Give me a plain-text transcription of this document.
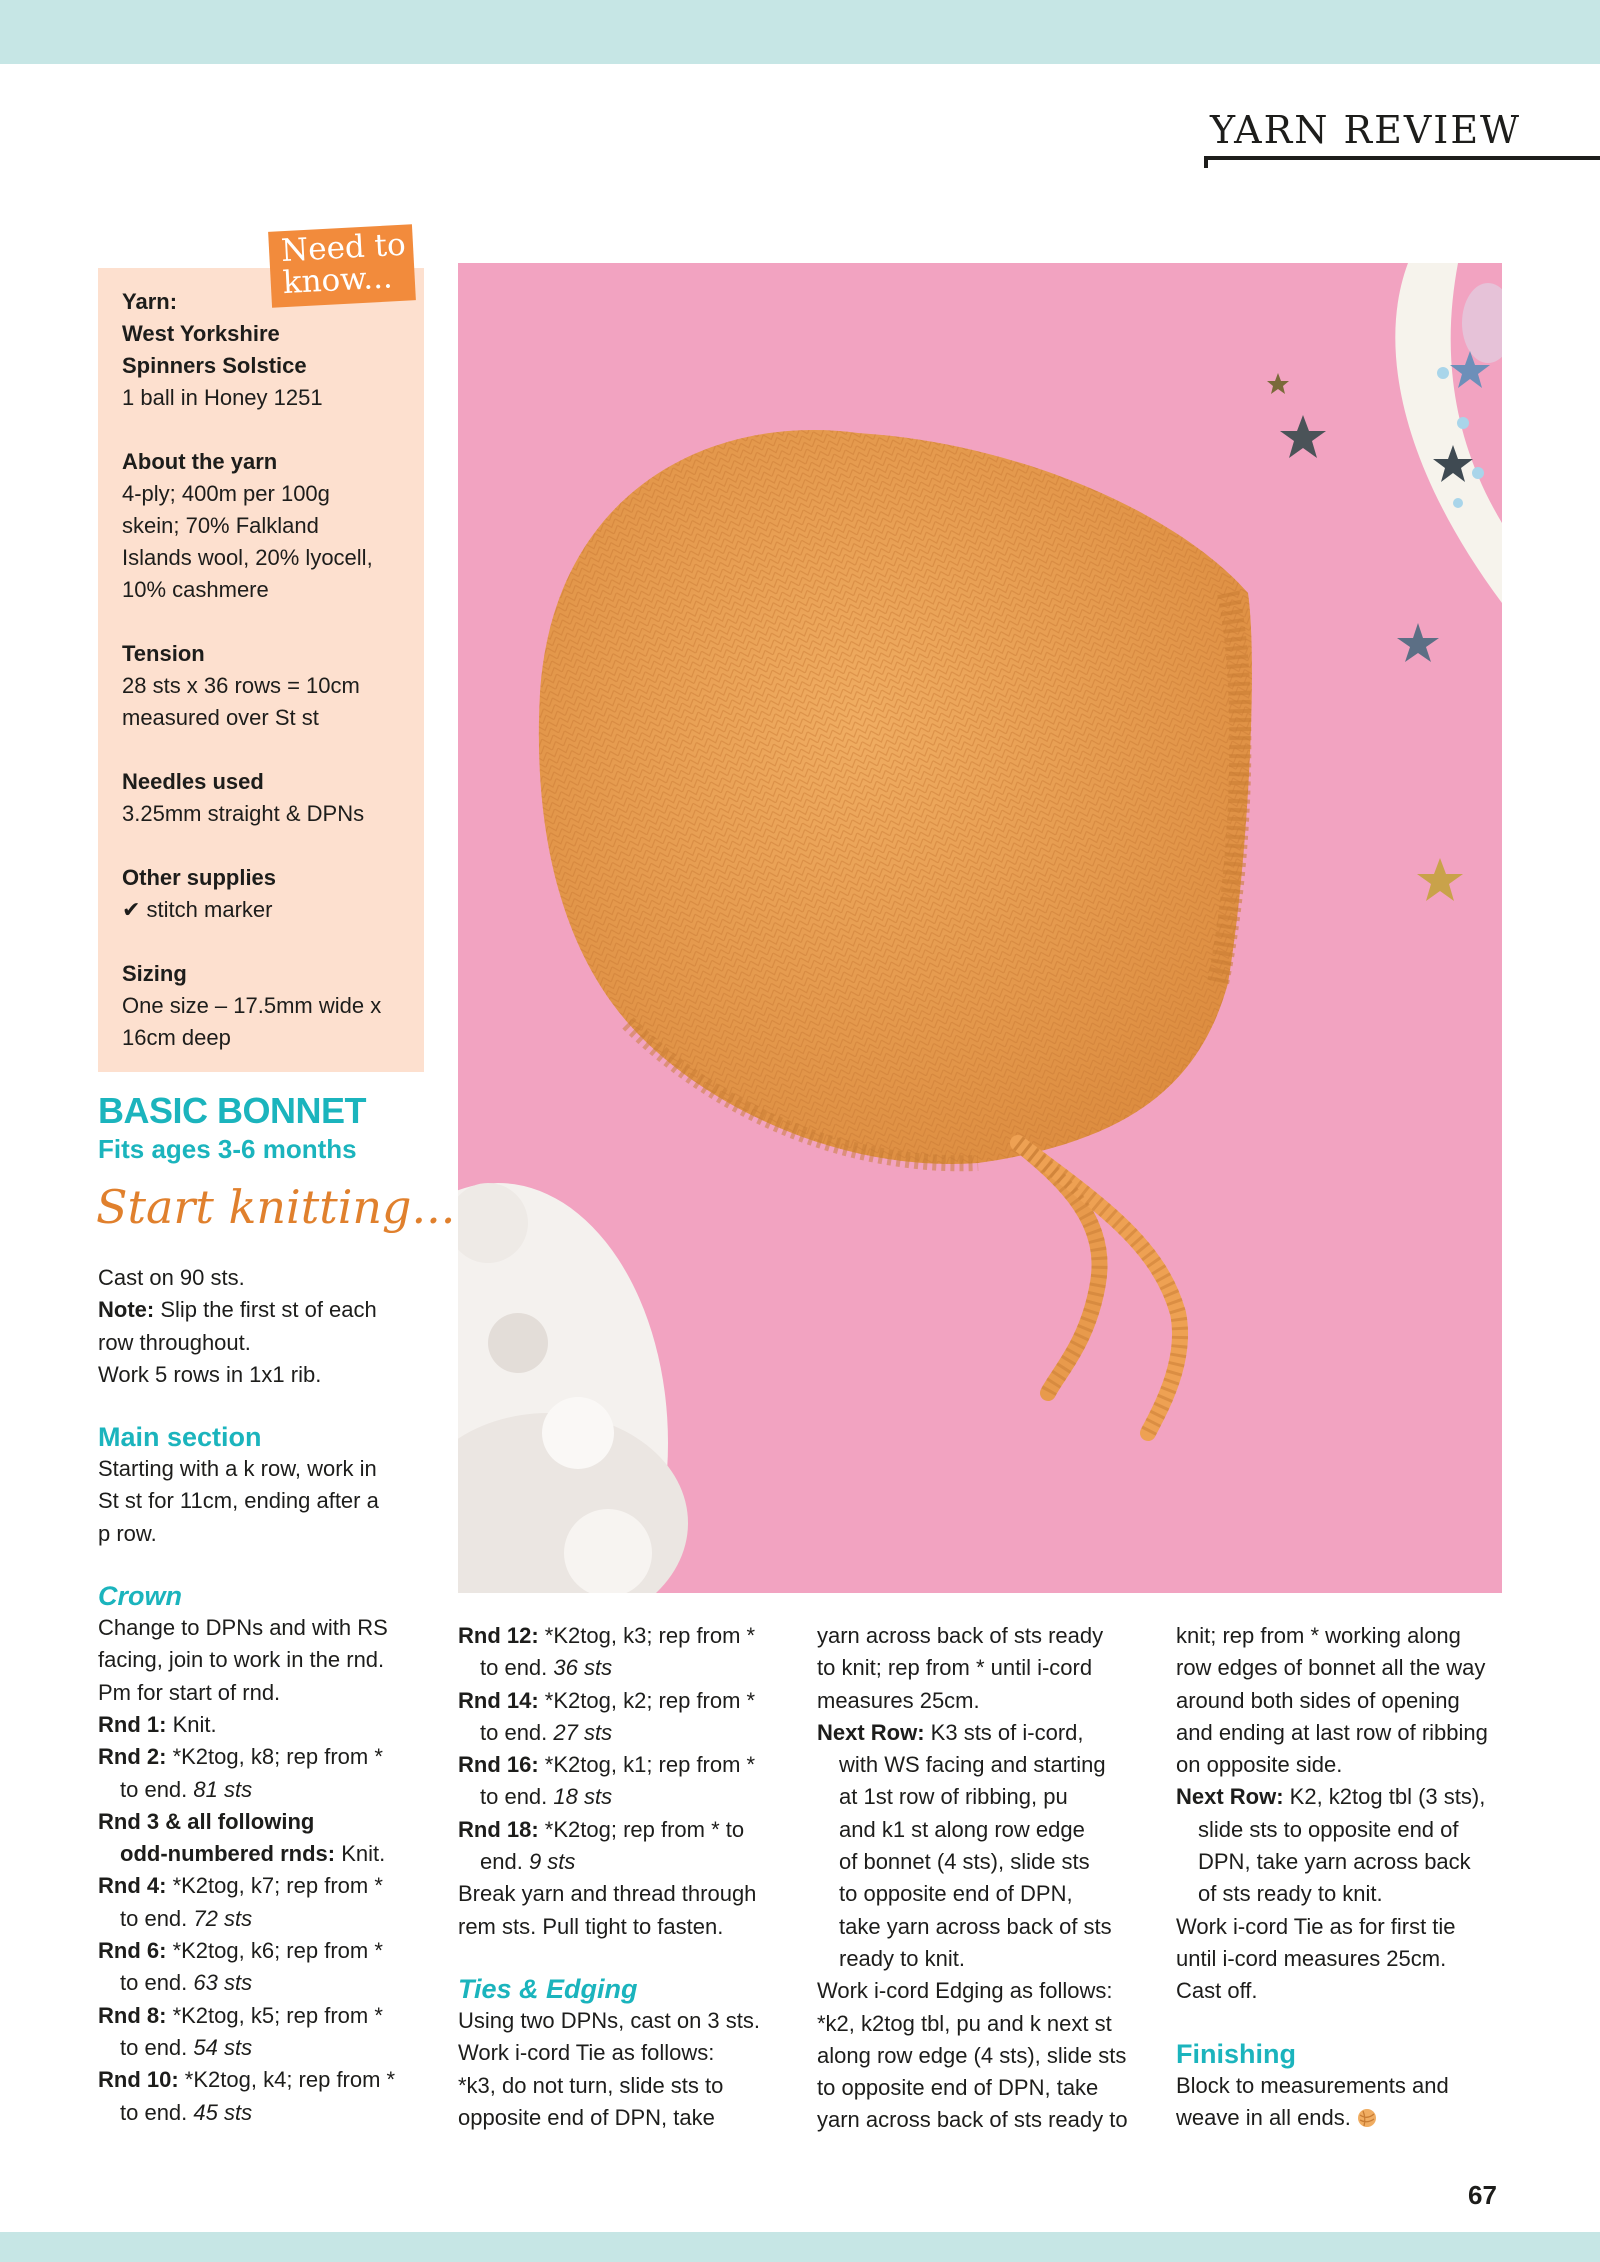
YARN REVIEW
Yarn:
West Yorkshire
Spinners Solstice
1 ball in Honey 1251
About the yarn
4-ply; 400m per 100g
skein; 70% Falkland
Islands wool, 20% lyocell,
10% cashmere
Tension
28 sts x 36 rows = 10cm
measured over St st
Needles used
3.25mm straight & DPNs
Other supplies
✔ stitch marker
Sizing
One size – 17.5mm wide x
16cm deep
Need to
know...
BASIC BONNET
Fits ages 3-6 months
Start knitting...

Cast on 90 sts.

Note: Slip the first st of each

row throughout.

Work 5 rows in 1x1 rib.

Main section

Starting with a k row, work in

St st for 11cm, ending after a

p row.

Crown

Change to DPNs and with RS

facing, join to work in the rnd.

Pm for start of rnd.

Rnd 1: Knit.

Rnd 2: *K2tog, k8; rep from *

to end. 81 sts

Rnd 3 & all following

odd-numbered rnds: Knit.

Rnd 4: *K2tog, k7; rep from *

to end. 72 sts

Rnd 6: *K2tog, k6; rep from *

to end. 63 sts

Rnd 8: *K2tog, k5; rep from *

to end. 54 sts

Rnd 10: *K2tog, k4; rep from *

to end. 45 sts

Rnd 12: *K2tog, k3; rep from *

to end. 36 sts

Rnd 14: *K2tog, k2; rep from *

to end. 27 sts

Rnd 16: *K2tog, k1; rep from *

to end. 18 sts

Rnd 18: *K2tog; rep from * to

end. 9 sts

Break yarn and thread through

rem sts. Pull tight to fasten.

Ties & Edging

Using two DPNs, cast on 3 sts.

Work i-cord Tie as follows:

*k3, do not turn, slide sts to

opposite end of DPN, take

yarn across back of sts ready

to knit; rep from * until i-cord

measures 25cm.

Next Row: K3 sts of i-cord,

with WS facing and starting

at 1st row of ribbing, pu

and k1 st along row edge

of bonnet (4 sts), slide sts

to opposite end of DPN,

take yarn across back of sts

ready to knit.

Work i-cord Edging as follows:

*k2, k2tog tbl, pu and k next st

along row edge (4 sts), slide sts

to opposite end of DPN, take

yarn across back of sts ready to

knit; rep from * working along

row edges of bonnet all the way

around both sides of opening

and ending at last row of ribbing

on opposite side.

Next Row: K2, k2tog tbl (3 sts),

slide sts to opposite end of

DPN, take yarn across back

of sts ready to knit.

Work i-cord Tie as for first tie

until i-cord measures 25cm.

Cast off.

Finishing

Block to measurements and

weave in all ends.

67
